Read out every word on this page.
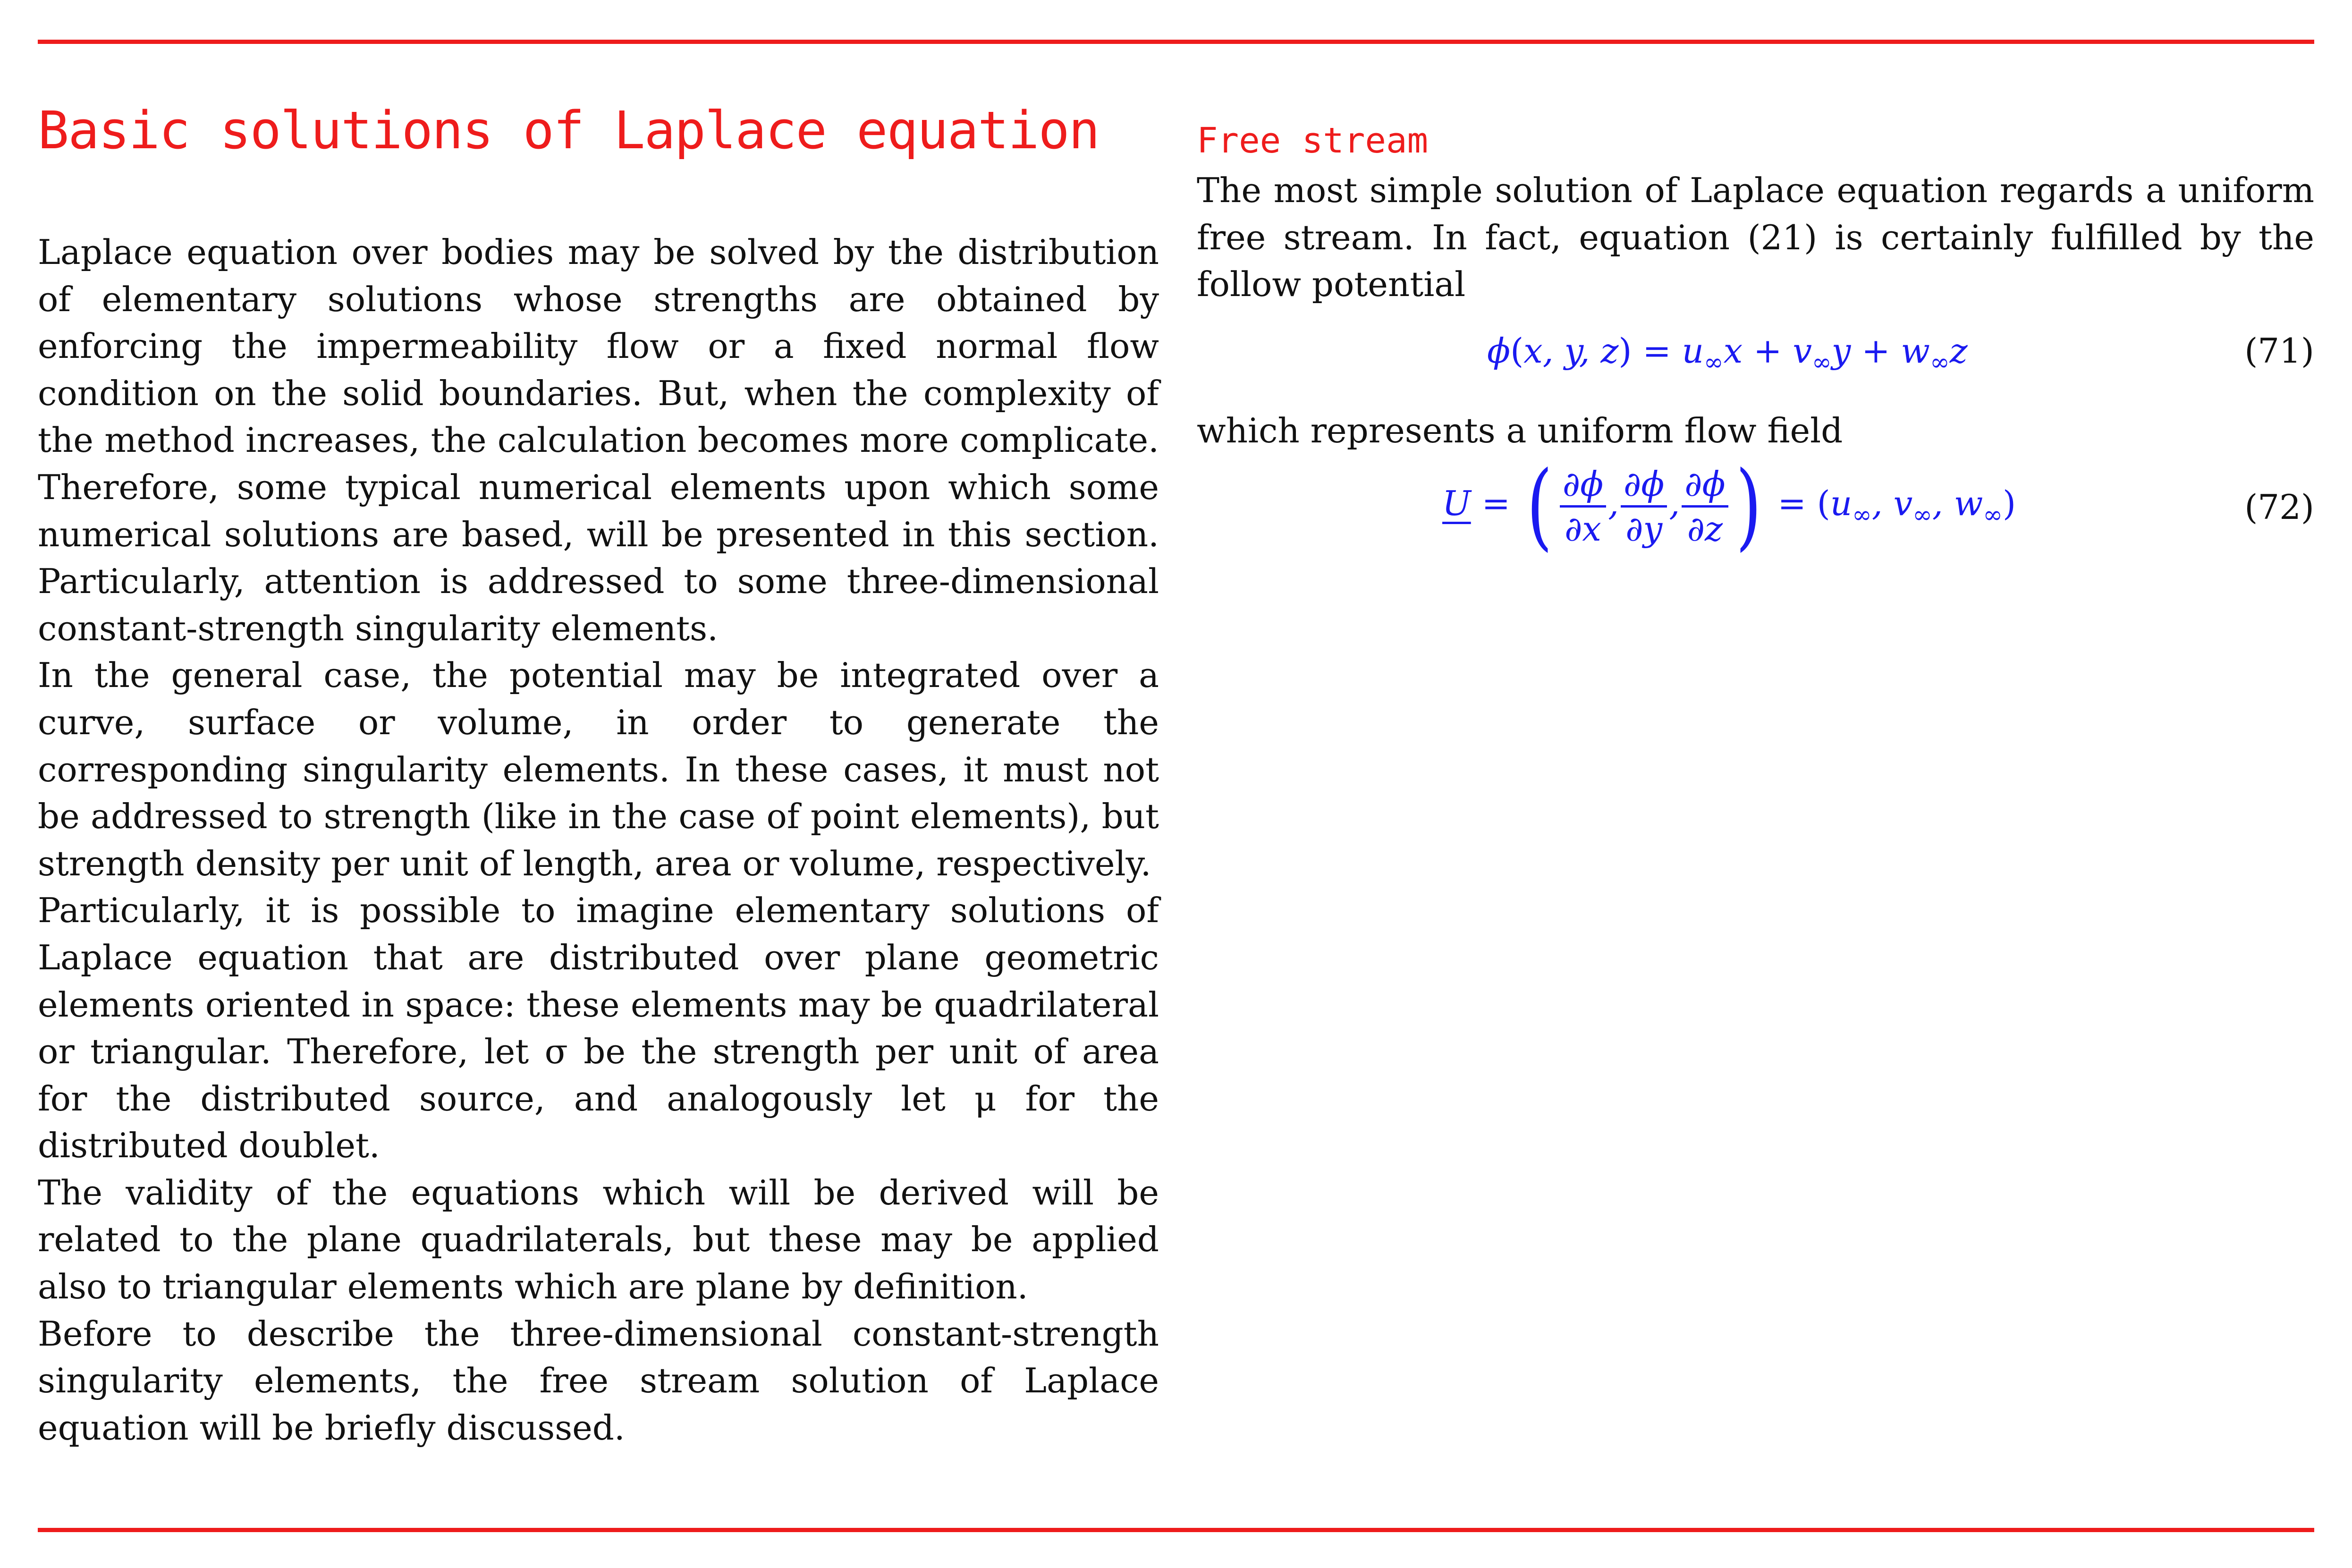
Basic solutions of Laplace equation

Laplace equation over bodies may be solved by the distribution of elementary solutions whose strengths are obtained by enforcing the impermeability flow or a fixed normal flow condition on the solid boundaries. But, when the complexity of the method increases, the calculation becomes more complicate. Therefore, some typical numerical elements upon which some numerical solutions are based, will be presented in this section. Particularly, attention is addressed to some three-dimensional constant-strength singularity elements.

In the general case, the potential may be integrated over a curve, surface or volume, in order to generate the corresponding singularity elements. In these cases, it must not be addressed to strength (like in the case of point elements), but strength density per unit of length, area or volume, respectively.

Particularly, it is possible to imagine elementary solutions of Laplace equation that are distributed over plane geometric elements oriented in space: these elements may be quadrilateral or triangular. Therefore, let σ be the strength per unit of area for the distributed source, and analogously let μ for the distributed doublet.

The validity of the equations which will be derived will be related to the plane quadrilaterals, but these may be applied also to triangular elements which are plane by definition.

Before to describe the three-dimensional constant-strength singularity elements, the free stream solution of Laplace equation will be briefly discussed.

Free stream

The most simple solution of Laplace equation regards a uniform free stream. In fact, equation (21) is certainly fulfilled by the follow potential

ϕ(x, y, $z) = u_\infty x + v_\infty y + w_\infty z$	(71)

which represents a uniform flow field

U = ( $\frac{\partial\phi}{\partial x}$ , $\frac{\partial\phi}{\partial y}$ , $\frac{\partial\phi}{\partial z}$ ) = ($u_\infty$, $v_\infty$, $w_\infty$)	(72)
